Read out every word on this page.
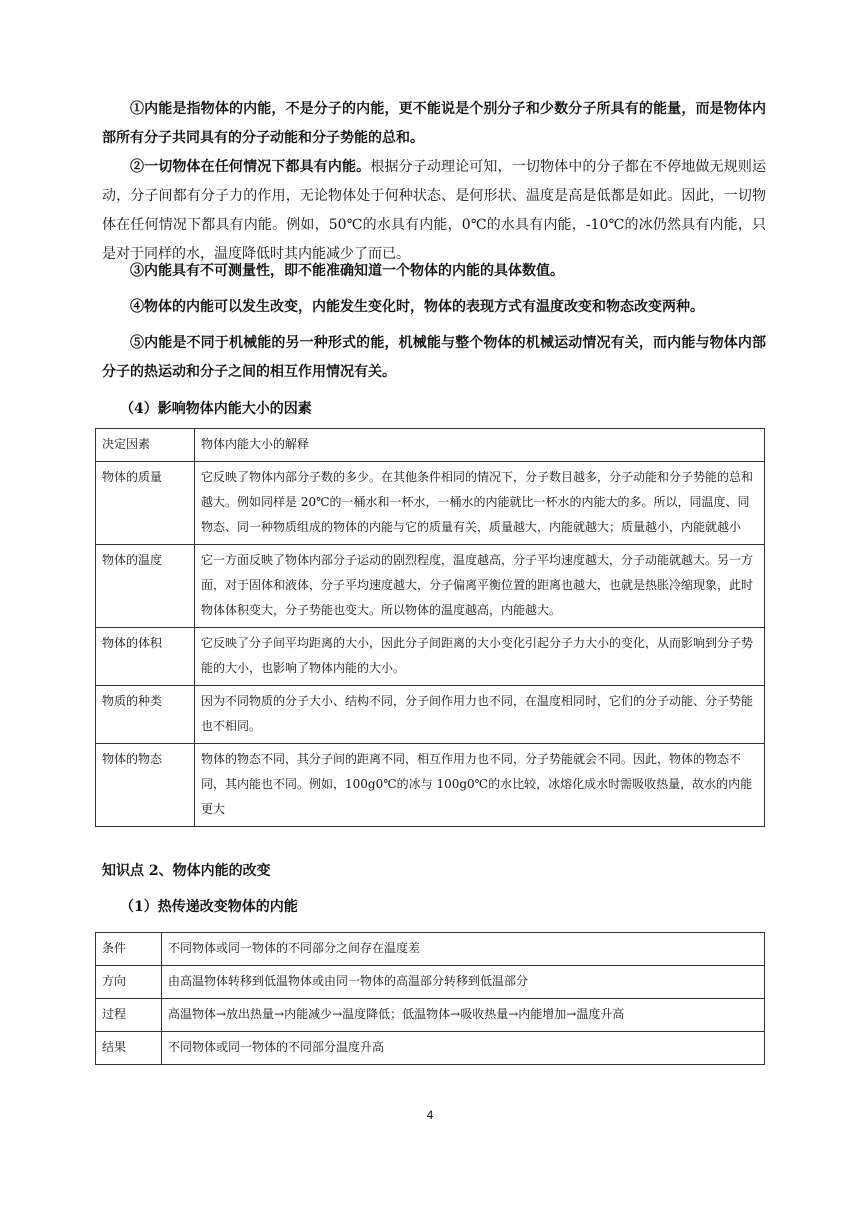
①内能是指物体的内能，不是分子的内能，更不能说是个别分子和少数分子所具有的能量，而是物体内部所有分子共同具有的分子动能和分子势能的总和。

②一切物体在任何情况下都具有内能。根据分子动理论可知，一切物体中的分子都在不停地做无规则运动，分子间都有分子力的作用，无论物体处于何种状态、是何形状、温度是高是低都是如此。因此，一切物体在任何情况下都具有内能。例如，50℃的水具有内能，0℃的水具有内能，-10℃的冰仍然具有内能，只是对于同样的水，温度降低时其内能减少了而已。

③内能具有不可测量性，即不能准确知道一个物体的内能的具体数值。

④物体的内能可以发生改变，内能发生变化时，物体的表现方式有温度改变和物态改变两种。

⑤内能是不同于机械能的另一种形式的能，机械能与整个物体的机械运动情况有关，而内能与物体内部分子的热运动和分子之间的相互作用情况有关。

（4）影响物体内能大小的因素
决定因素	物体内能大小的解释
物体的质量	它反映了物体内部分子数的多少。在其他条件相同的情况下，分子数目越多，分子动能和分子势能的总和越大。例如同样是 20℃的一桶水和一杯水，一桶水的内能就比一杯水的内能大的多。所以，同温度、同物态、同一种物质组成的物体的内能与它的质量有关，质量越大，内能就越大；质量越小，内能就越小
物体的温度	它一方面反映了物体内部分子运动的剧烈程度，温度越高，分子平均速度越大，分子动能就越大。另一方面，对于固体和液体，分子平均速度越大，分子偏离平衡位置的距离也越大，也就是热胀冷缩现象，此时物体体积变大，分子势能也变大。所以物体的温度越高，内能越大。
物体的体积	它反映了分子间平均距离的大小，因此分子间距离的大小变化引起分子力大小的变化，从而影响到分子势能的大小，也影响了物体内能的大小。
物质的种类	因为不同物质的分子大小、结构不同，分子间作用力也不同，在温度相同时，它们的分子动能、分子势能也不相同。
物体的物态	物体的物态不同，其分子间的距离不同，相互作用力也不同，分子势能就会不同。因此，物体的物态不同，其内能也不同。例如，100g0℃的冰与 100g0℃的水比较，冰熔化成水时需吸收热量，故水的内能更大
知识点 2、物体内能的改变
（1）热传递改变物体的内能
条件	不同物体或同一物体的不同部分之间存在温度差
方向	由高温物体转移到低温物体或由同一物体的高温部分转移到低温部分
过程	高温物体→放出热量→内能减少→温度降低；低温物体→吸收热量→内能增加→温度升高
结果	不同物体或同一物体的不同部分温度升高
4
